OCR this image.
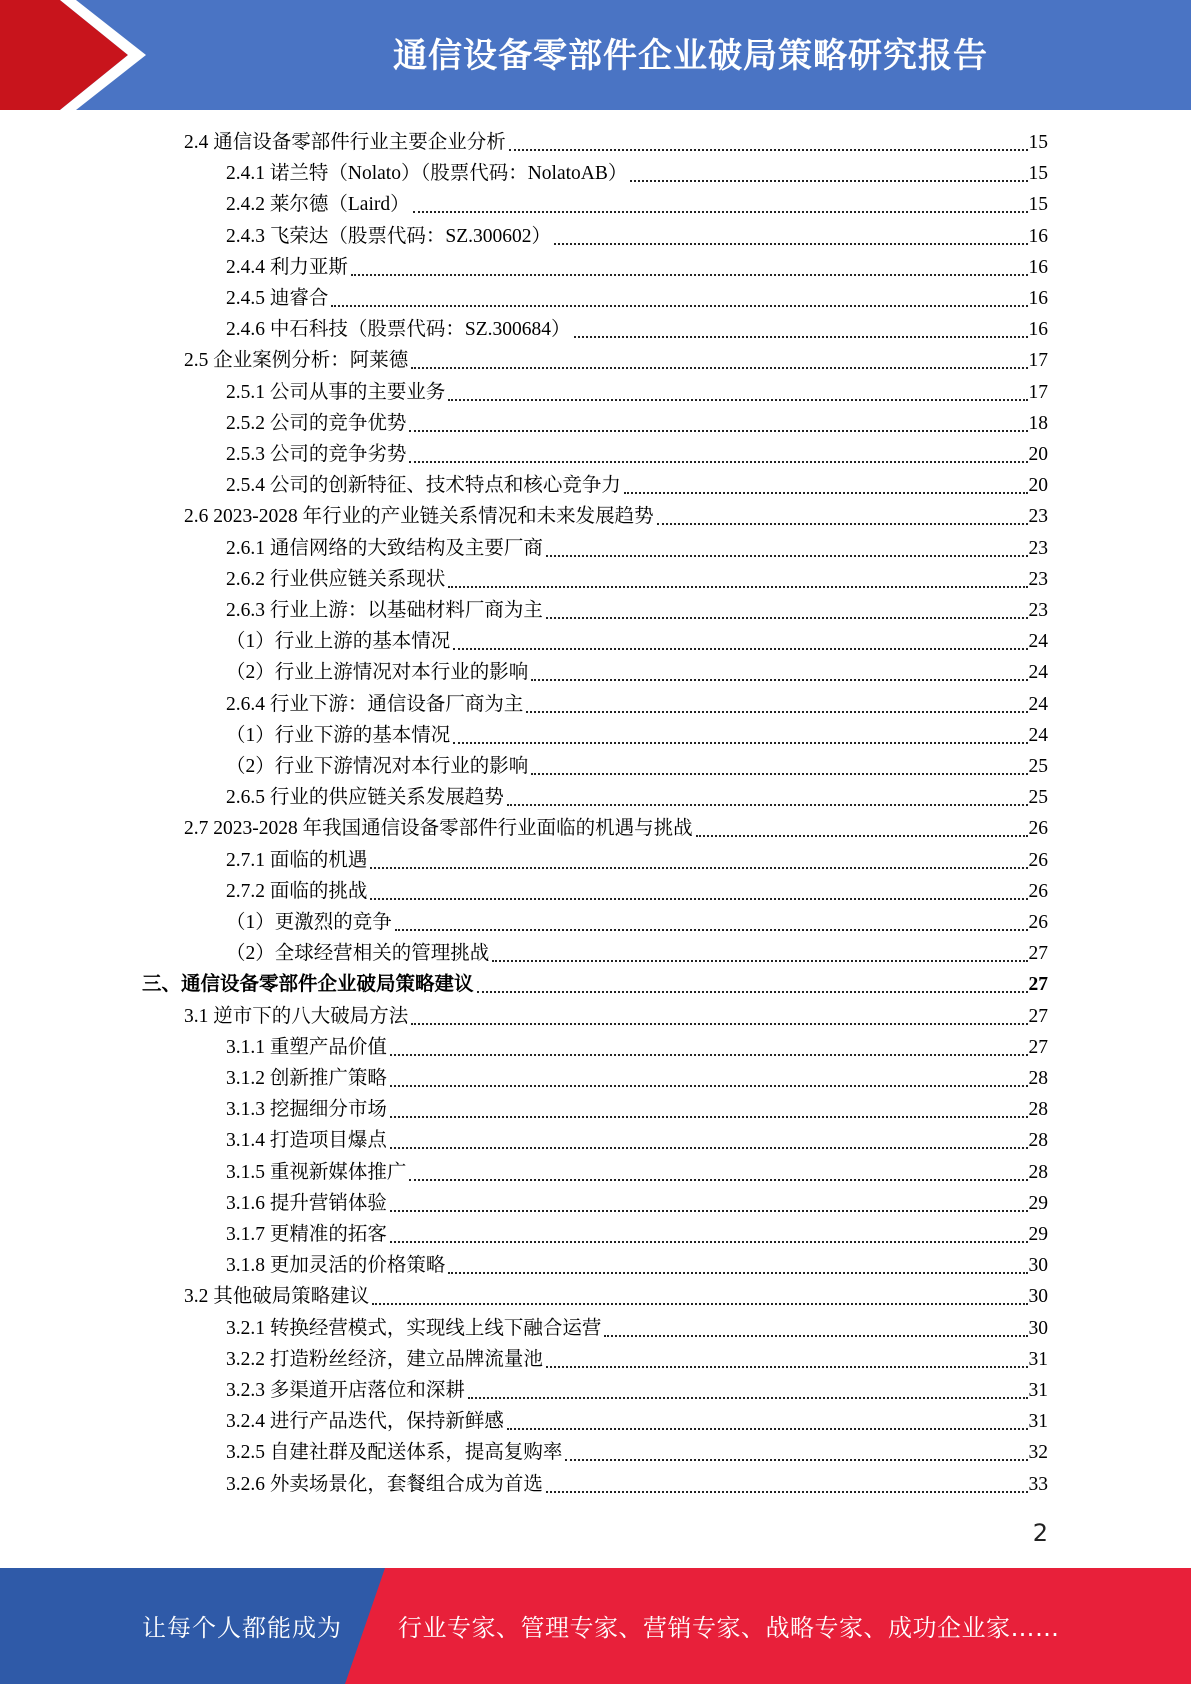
通信设备零部件企业破局策略研究报告
2.4 通信设备零部件行业主要企业分析	15
2.4.1 诺兰特（Nolato）（股票代码：NolatoAB）	15
2.4.2 莱尔德（Laird）	15
2.4.3 飞荣达（股票代码：SZ.300602）	16
2.4.4 利力亚斯	16
2.4.5 迪睿合	16
2.4.6 中石科技（股票代码：SZ.300684）	16
2.5 企业案例分析：阿莱德	17
2.5.1 公司从事的主要业务	17
2.5.2 公司的竞争优势	18
2.5.3 公司的竞争劣势	20
2.5.4 公司的创新特征、技术特点和核心竞争力	20
2.6 2023-2028 年行业的产业链关系情况和未来发展趋势	23
2.6.1 通信网络的大致结构及主要厂商	23
2.6.2 行业供应链关系现状	23
2.6.3 行业上游：以基础材料厂商为主	23
（1）行业上游的基本情况	24
（2）行业上游情况对本行业的影响	24
2.6.4 行业下游：通信设备厂商为主	24
（1）行业下游的基本情况	24
（2）行业下游情况对本行业的影响	25
2.6.5 行业的供应链关系发展趋势	25
2.7 2023-2028 年我国通信设备零部件行业面临的机遇与挑战	26
2.7.1 面临的机遇	26
2.7.2 面临的挑战	26
（1）更激烈的竞争	26
（2）全球经营相关的管理挑战	27
三、通信设备零部件企业破局策略建议	27
3.1 逆市下的八大破局方法	27
3.1.1 重塑产品价值	27
3.1.2 创新推广策略	28
3.1.3 挖掘细分市场	28
3.1.4 打造项目爆点	28
3.1.5 重视新媒体推广	28
3.1.6 提升营销体验	29
3.1.7 更精准的拓客	29
3.1.8 更加灵活的价格策略	30
3.2 其他破局策略建议	30
3.2.1 转换经营模式，实现线上线下融合运营	30
3.2.2 打造粉丝经济，建立品牌流量池	31
3.2.3 多渠道开店落位和深耕	31
3.2.4 进行产品迭代，保持新鲜感	31
3.2.5 自建社群及配送体系，提高复购率	32
3.2.6 外卖场景化，套餐组合成为首选	33
2
让每个人都能成为 行业专家、管理专家、营销专家、战略专家、成功企业家……
